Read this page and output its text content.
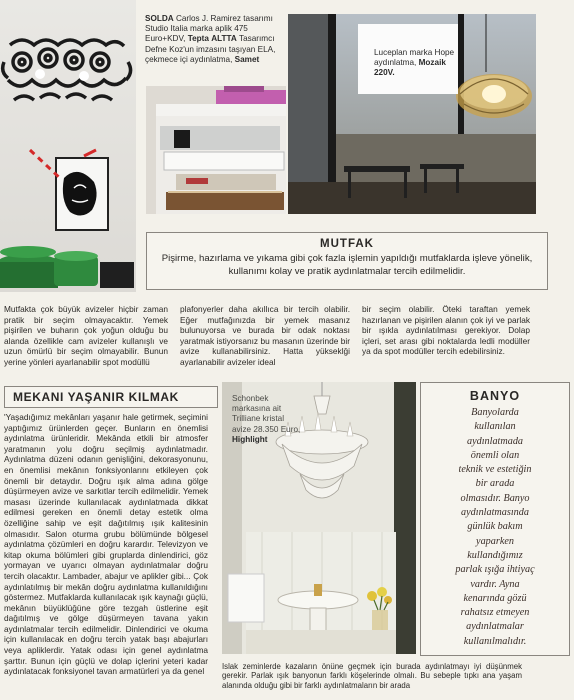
SOLDA Carlos J. Ramirez tasarımı Studio Italia marka aplik 475 Euro+KDV, Tepta ALTTA Tasarımcı Defne Koz'un imzasını taşıyan ELA, çekmece içi aydınlatma, Samet
Luceplan marka Hope aydınlatma, Mozaik
220V.
MUTFAK
Pişirme, hazırlama ve yıkama gibi çok fazla işlemin yapıldığı mutfaklarda işleve yönelik, kullanımı kolay ve pratik aydınlatmalar tercih edilmelidir.
Mutfakta çok büyük avizeler hiçbir zaman pratik bir seçim olmayacaktır. Yemek pişirilen ve buharın çok yoğun olduğu bu alanda özellikle cam avizeler kullanışlı ve uzun ömürlü bir seçim olmayabilir. Bunun yerine yönleri ayarlanabilir spot modüllü
plafonyerler daha akıllıca bir tercih olabilir. Eğer mutfağınızda bir yemek masanız bulunuyorsa ve burada bir odak noktası yaratmak istiyorsanız bu masanın üzerinde bir avize kullanabilirsiniz. Hatta yükseklği ayarlanabilir avizeler ideal
bir seçim olabilir. Öteki taraftan yemek hazırlanan ve pişirilen alanın çok iyi ve parlak bir ışıkla aydınlatılması gerekiyor. Dolap içleri, set arası gibi noktalarda ledli modüller ya da spot modüller tercih edebilirsiniz.
MEKANI YAŞANIR KILMAK
'Yaşadığımız mekânları yaşanır hale getirmek, seçimini yaptığımız ürünlerden geçer. Bunların en önemlisi aydınlatma ürünleridir. Mekânda etkili bir atmosfer yaratmanın yolu doğru seçilmiş aydınlatmadır. Aydınlatma düzeni odanın genişliğini, dekorasyonunu, en önemlisi mekânın fonksiyonlarını etkileyen çok önemli bir detaydır. Doğru ışık alma adına gölge düşürmeyen avize ve sarkıtlar tercih edilmelidir. Yemek masası üzerinde kullanılacak aydınlatmada dikkat edilmesi gereken en önemli detay estetik olma özelliğine sahip ve eşit dağıtılmış ışık kalitesinin olmasıdır. Salon oturma grubu bölümünde bölgesel aydınlatma çözümleri en doğru karardır. Televizyon ve kitap okuma bölümleri gibi gruplarda dinlendirici, göz yormayan ve uyarıcı olmayan aydınlatmalar doğru tercih olacaktır. Lambader, abajur ve aplikler gibi... Çok aydınlatılmış bir mekân doğru aydınlatma kullanıldığını göstermez. Mutfaklarda kullanılacak ışık kaynağı güçlü, mekânın büyüklüğüne göre tezgah üstlerine eşit dağıtılmış ve gölge düşürmeyen tavana yakın aydınlatmalar tercih edilmelidir. Dinlendirici ve okuma için kullanılacak en doğru tercih yatak başı abajurları veya apliklerdir. Yatak odası için genel aydınlatma şarttır. Bunun için güçlü ve dolap içlerini yeteri kadar aydınlatacak fonksiyonel tavan armatürleri ya da genel
Schonbek markasına ait Trilliane kristal avize 28.350 Euro, Highlight
BANYO
Banyolarda
kullanılan
aydınlatmada
önemli olan
teknik ve estetiğin
bir arada
olmasıdır. Banyo
aydınlatmasında
günlük bakım
yaparken
kullandığımız
parlak ışığa ihtiyaç
vardır. Ayna
kenarında gözü
rahatsız etmeyen
aydınlatmalar
kullanılmalıdır.
Islak zeminlerde kazaların önüne geçmek için burada aydınlatmayı iyi düşünmek gerekir. Parlak ışık banyonun farklı köşelerinde olmalı. Bu sebeple tıpkı ana yaşam alanında olduğu gibi bir farklı aydınlatmaların bir arada
